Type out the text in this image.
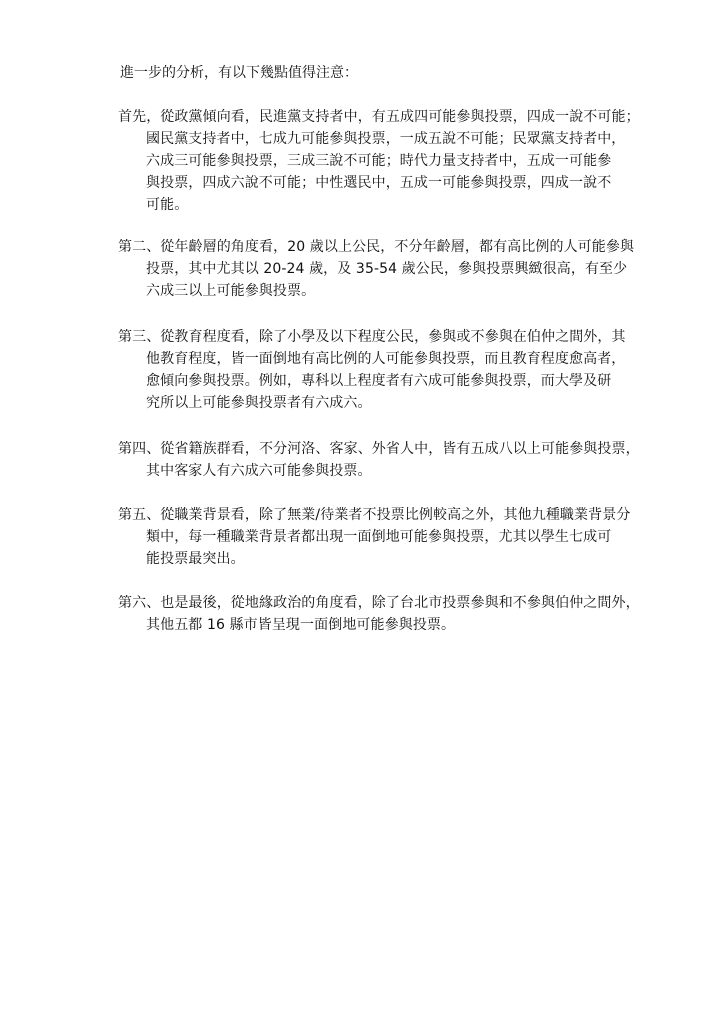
進一步的分析，有以下幾點值得注意：
首先，從政黨傾向看，民進黨支持者中，有五成四可能參與投票，四成一說不可能；
國民黨支持者中，七成九可能參與投票，一成五說不可能；民眾黨支持者中，
六成三可能參與投票，三成三說不可能；時代力量支持者中，五成一可能參
與投票，四成六說不可能；中性選民中，五成一可能參與投票，四成一說不
可能。
第二、從年齡層的角度看，20 歲以上公民，不分年齡層，都有高比例的人可能參與
投票，其中尤其以 20-24 歲，及 35-54 歲公民，參與投票興緻很高，有至少
六成三以上可能參與投票。
第三、從教育程度看，除了小學及以下程度公民，參與或不參與在伯仲之間外，其
他教育程度，皆一面倒地有高比例的人可能參與投票，而且教育程度愈高者，
愈傾向參與投票。例如，專科以上程度者有六成可能參與投票，而大學及研
究所以上可能參與投票者有六成六。
第四、從省籍族群看，不分河洛、客家、外省人中，皆有五成八以上可能參與投票，
其中客家人有六成六可能參與投票。
第五、從職業背景看，除了無業/待業者不投票比例較高之外，其他九種職業背景分
類中，每一種職業背景者都出現一面倒地可能參與投票，尤其以學生七成可
能投票最突出。
第六、也是最後，從地緣政治的角度看，除了台北市投票參與和不參與伯仲之間外，
其他五都 16 縣市皆呈現一面倒地可能參與投票。
